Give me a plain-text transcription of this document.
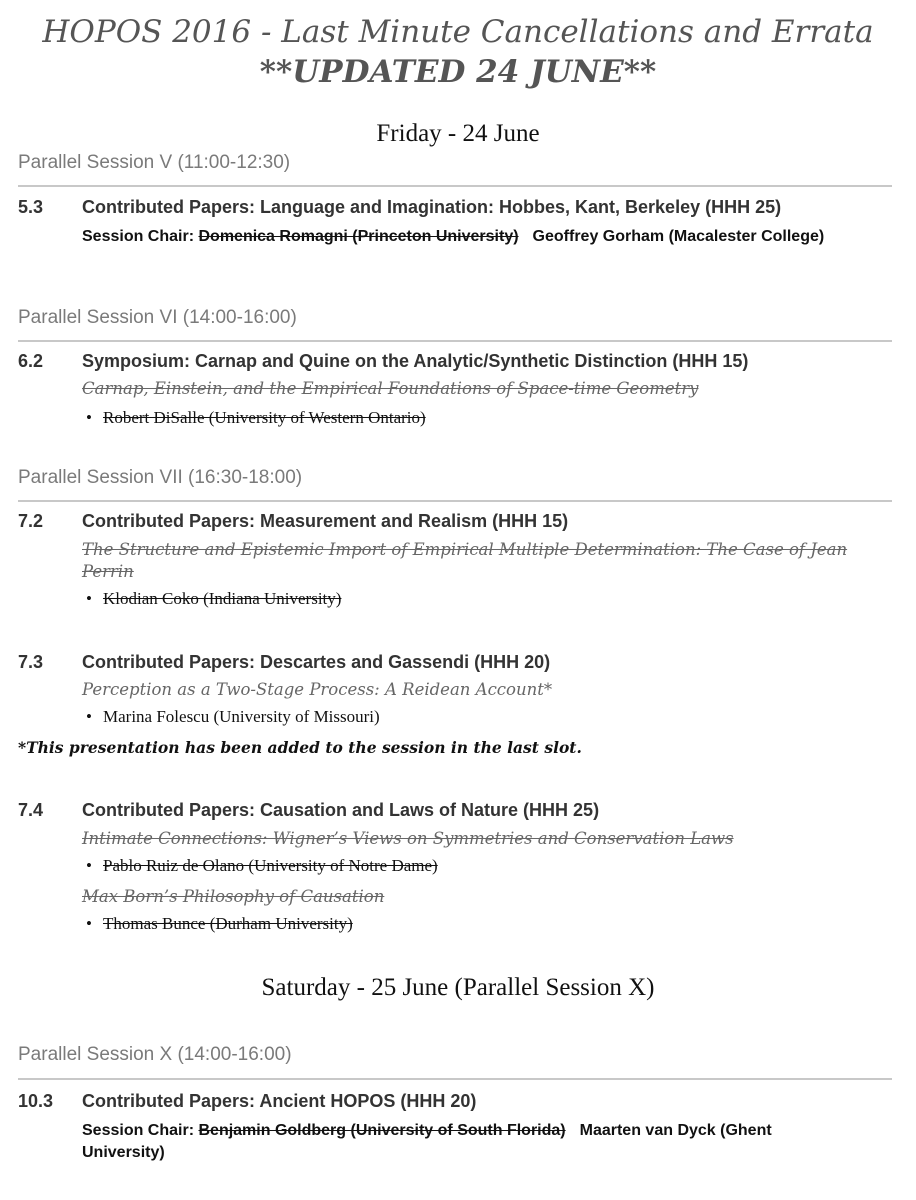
HOPOS 2016 - Last Minute Cancellations and Errata
**UPDATED 24 JUNE**
Friday - 24 June
Parallel Session V (11:00-12:30)
5.3 Contributed Papers: Language and Imagination: Hobbes, Kant, Berkeley (HHH 25)
Session Chair: Domenica Romagni (Princeton University) Geoffrey Gorham (Macalester College)
Parallel Session VI (14:00-16:00)
6.2 Symposium: Carnap and Quine on the Analytic/Synthetic Distinction (HHH 15)
Carnap, Einstein, and the Empirical Foundations of Space-time Geometry
• Robert DiSalle (University of Western Ontario)
Parallel Session VII (16:30-18:00)
7.2 Contributed Papers: Measurement and Realism (HHH 15)
The Structure and Epistemic Import of Empirical Multiple Determination: The Case of Jean
Perrin
• Klodian Coko (Indiana University)
7.3 Contributed Papers: Descartes and Gassendi (HHH 20)
Perception as a Two-Stage Process: A Reidean Account*
• Marina Folescu (University of Missouri)
*This presentation has been added to the session in the last slot.
7.4 Contributed Papers: Causation and Laws of Nature (HHH 25)
Intimate Connections: Wigner’s Views on Symmetries and Conservation Laws
• Pablo Ruiz de Olano (University of Notre Dame)
Max Born’s Philosophy of Causation
• Thomas Bunce (Durham University)
Saturday - 25 June (Parallel Session X)
Parallel Session X (14:00-16:00)
10.3 Contributed Papers: Ancient HOPOS (HHH 20)
Session Chair: Benjamin Goldberg (University of South Florida) Maarten van Dyck (Ghent
University)
